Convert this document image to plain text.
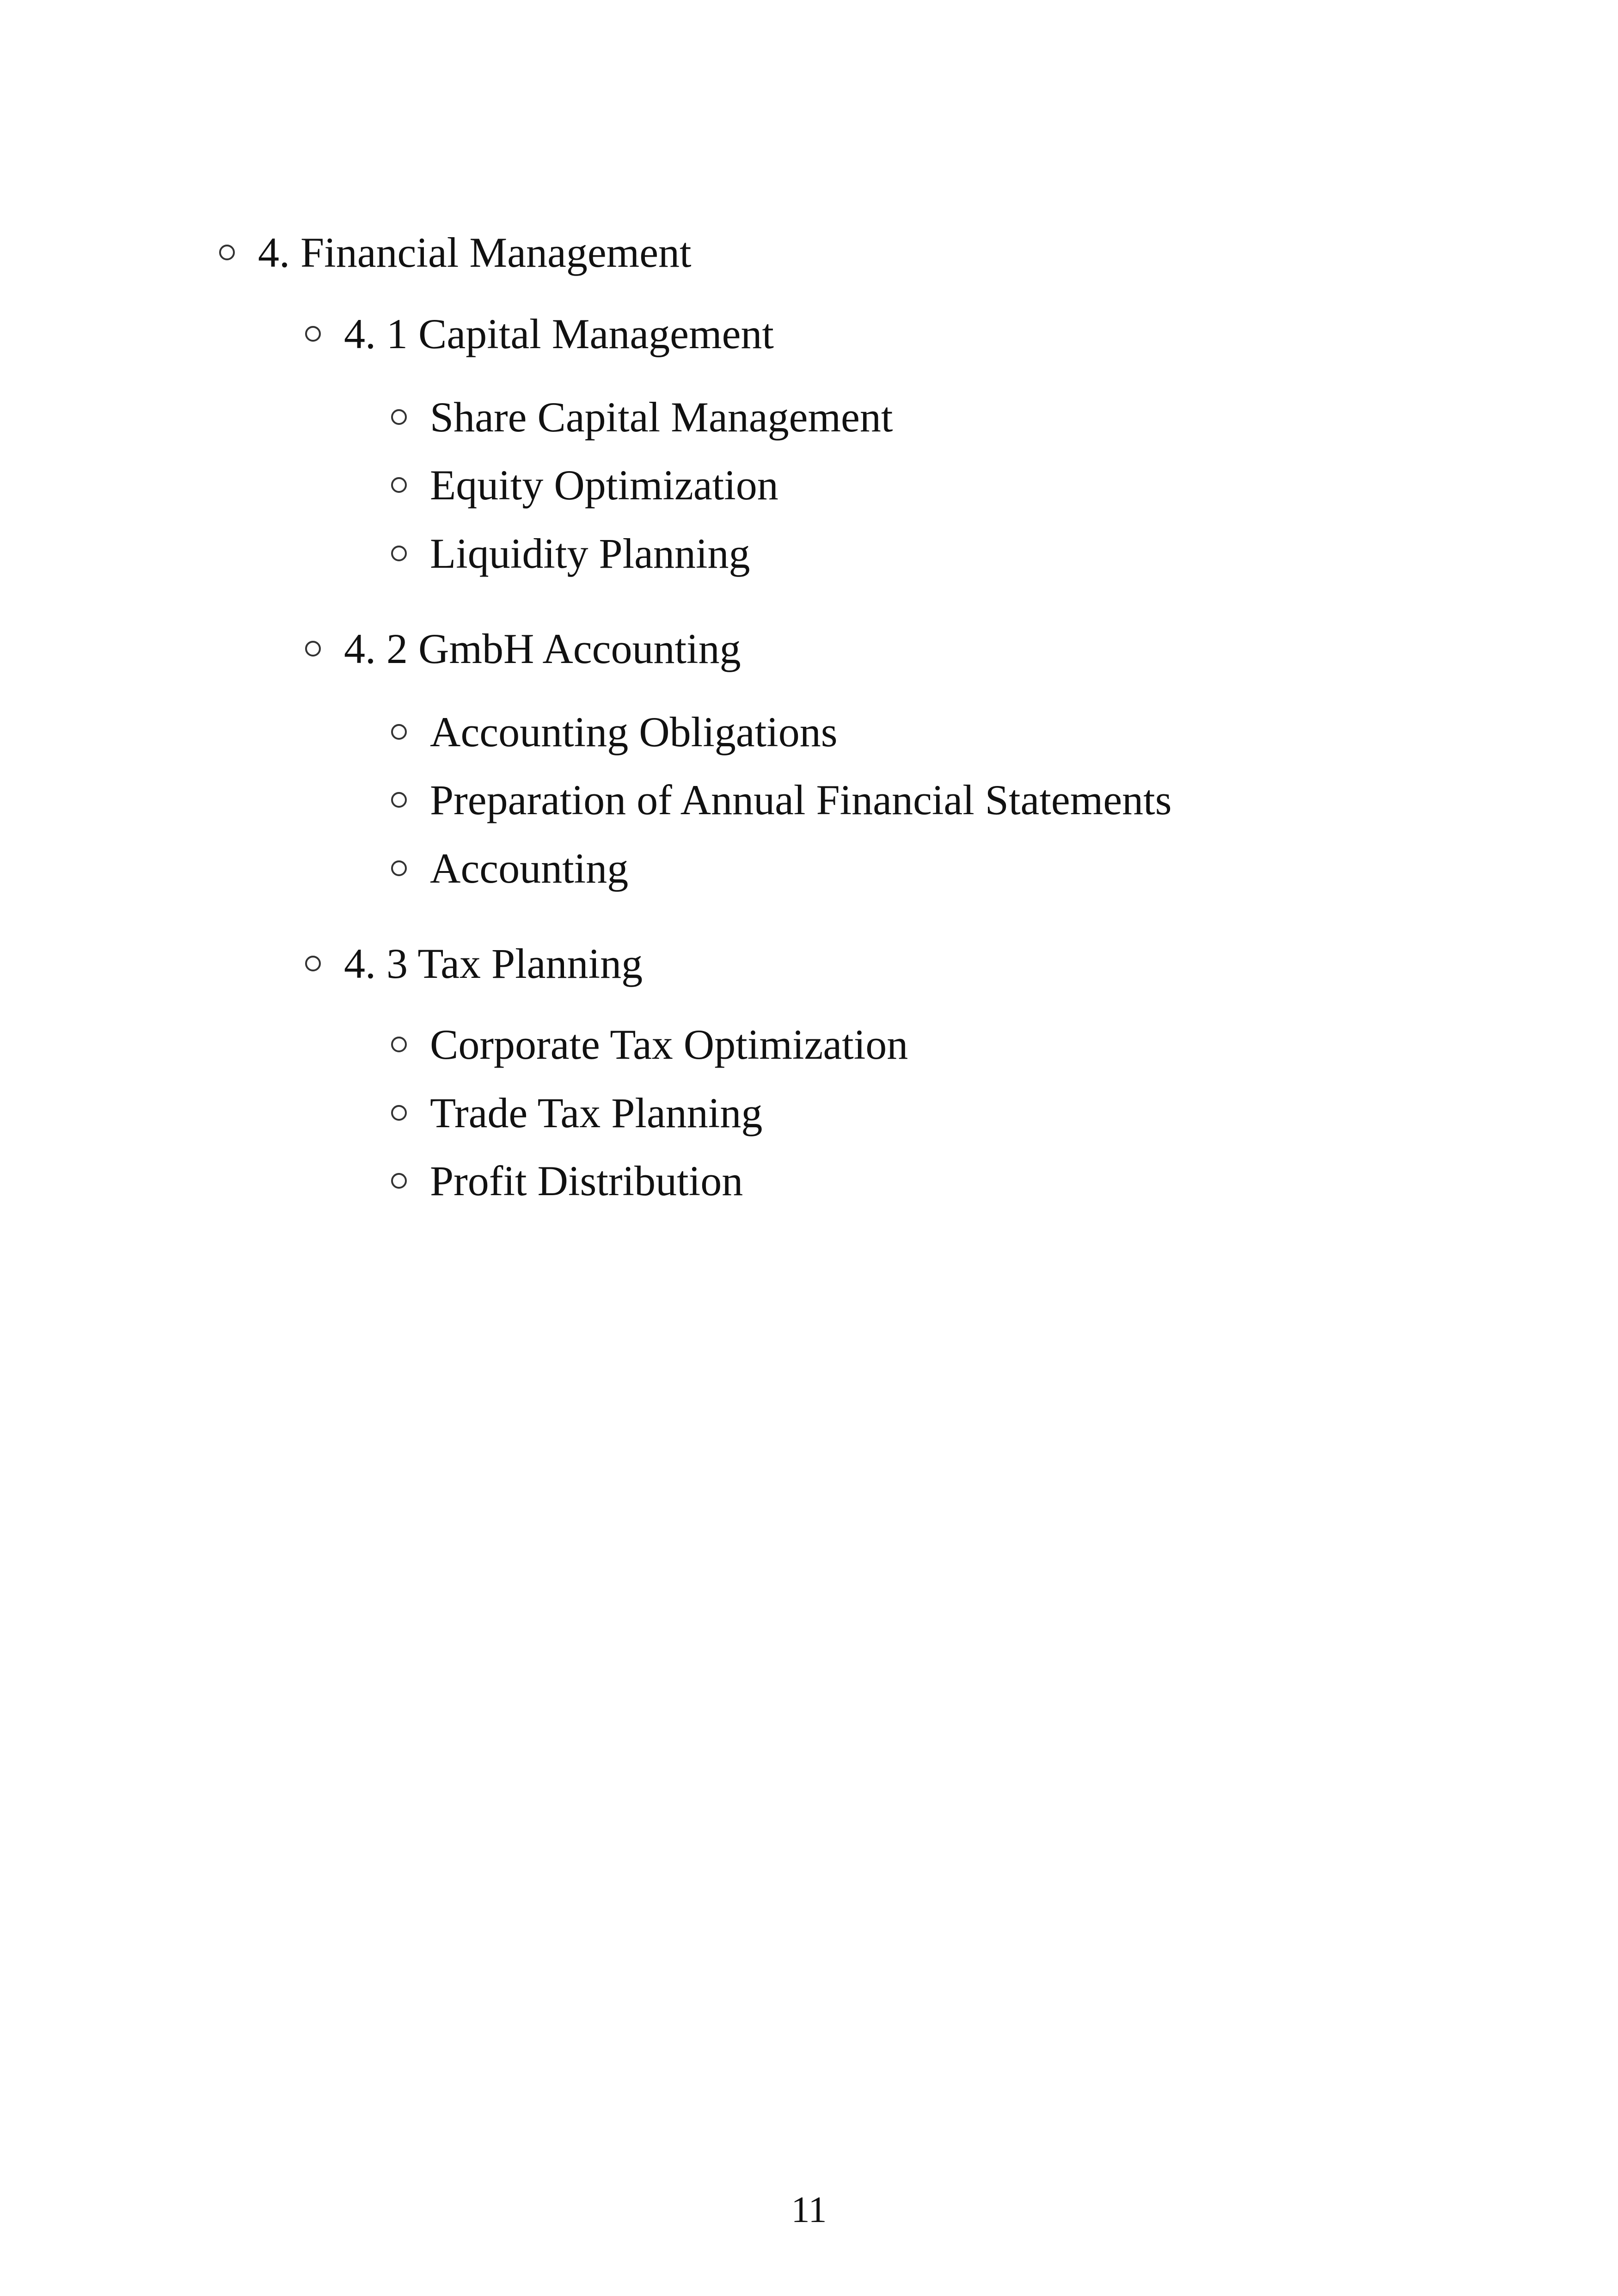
4. Financial Management
4. 1 Capital Management
Share Capital Management
Equity Optimization
Liquidity Planning
4. 2 GmbH Accounting
Accounting Obligations
Preparation of Annual Financial Statements
Accounting
4. 3 Tax Planning
Corporate Tax Optimization
Trade Tax Planning
Profit Distribution
11
